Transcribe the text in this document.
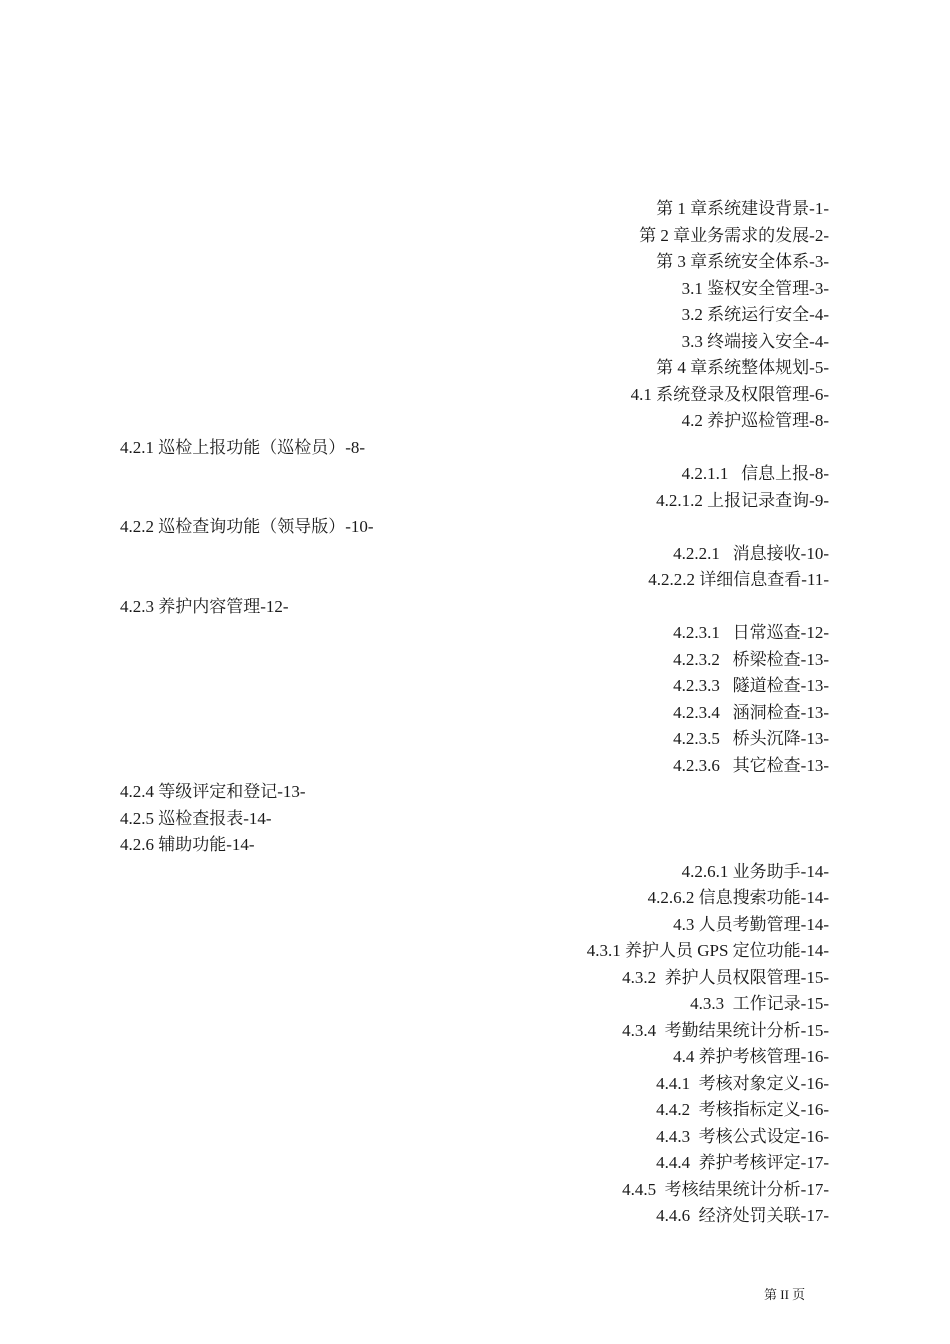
第 1 章系统建设背景-1-
第 2 章业务需求的发展-2-
第 3 章系统安全体系-3-
3.1 鉴权安全管理-3-
3.2 系统运行安全-4-
3.3 终端接入安全-4-
第 4 章系统整体规划-5-
4.1 系统登录及权限管理-6-
4.2 养护巡检管理-8-
4.2.1 巡检上报功能（巡检员）-8-
4.2.1.1   信息上报-8-
4.2.1.2 上报记录查询-9-
4.2.2 巡检查询功能（领导版）-10-
4.2.2.1   消息接收-10-
4.2.2.2 详细信息查看-11-
4.2.3 养护内容管理-12-
4.2.3.1   日常巡查-12-
4.2.3.2   桥梁检查-13-
4.2.3.3   隧道检查-13-
4.2.3.4   涵洞检查-13-
4.2.3.5   桥头沉降-13-
4.2.3.6   其它检查-13-
4.2.4 等级评定和登记-13-
4.2.5 巡检查报表-14-
4.2.6 辅助功能-14-
4.2.6.1 业务助手-14-
4.2.6.2 信息搜索功能-14-
4.3 人员考勤管理-14-
4.3.1 养护人员 GPS 定位功能-14-
4.3.2  养护人员权限管理-15-
4.3.3  工作记录-15-
4.3.4  考勤结果统计分析-15-
4.4 养护考核管理-16-
4.4.1  考核对象定义-16-
4.4.2  考核指标定义-16-
4.4.3  考核公式设定-16-
4.4.4  养护考核评定-17-
4.4.5  考核结果统计分析-17-
4.4.6  经济处罚关联-17-
第 II 页
